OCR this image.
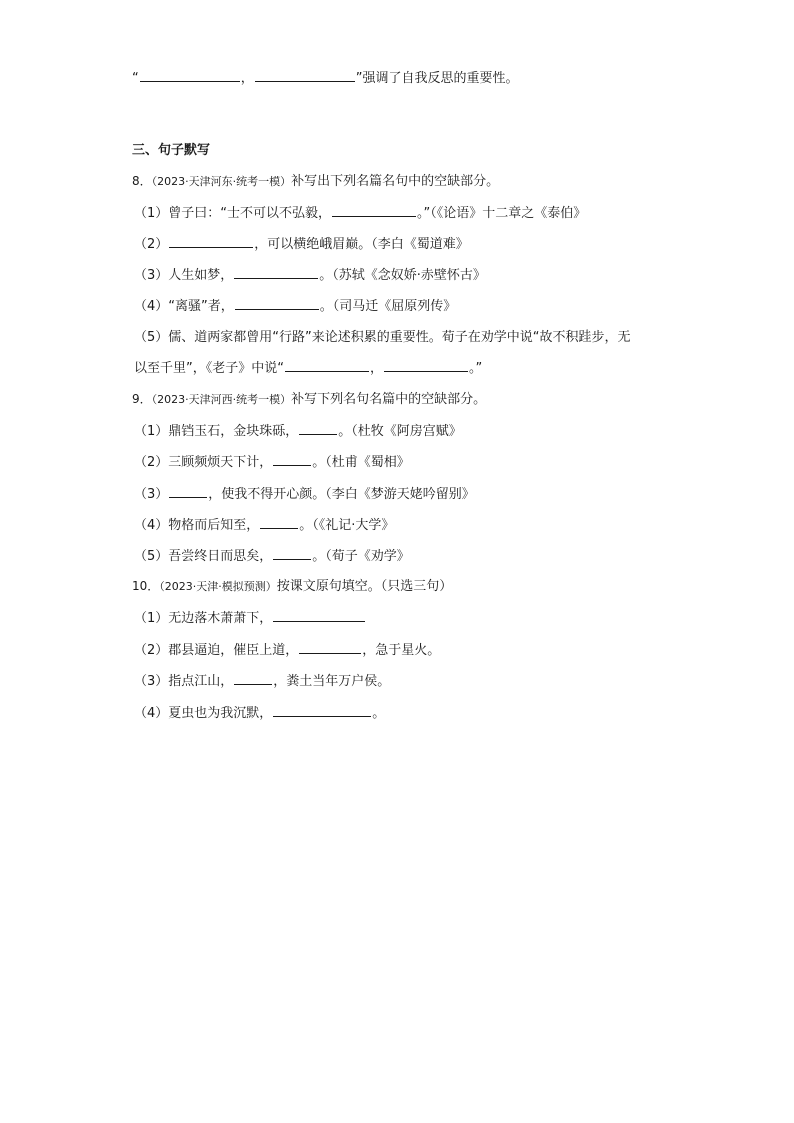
“	，	”强调了自我反思的重要性。
三、句子默写
8．（2023·天津河东·统考一模）补写出下列名篇名句中的空缺部分。
（1）曾子曰：“士不可以不弘毅，	。”（《论语》十二章之《泰伯》
（2）	，可以横绝峨眉巅。（李白《蜀道难》
（3）人生如梦，	。（苏轼《念奴娇·赤壁怀古》
（4）“离骚”者，	。（司马迁《屈原列传》
（5）儒、道两家都曾用“行路”来论述积累的重要性。荀子在劝学中说“故不积跬步，无
以至千里”，《老子》中说“	，	。”
9．（2023·天津河西·统考一模）补写下列名句名篇中的空缺部分。
（1）鼎铛玉石，金块珠砾，	。（杜牧《阿房宫赋》
（2）三顾频烦天下计，	。（杜甫《蜀相》
（3）	，使我不得开心颜。（李白《梦游天姥吟留别》
（4）物格而后知至，	。（《礼记·大学》
（5）吾尝终日而思矣，	。（荀子《劝学》
10．（2023·天津·模拟预测）按课文原句填空。（只选三句）
（1）无边落木萧萧下，
（2）郡县逼迫，催臣上道，	，急于星火。
（3）指点江山，	，粪土当年万户侯。
（4）夏虫也为我沉默，	。
